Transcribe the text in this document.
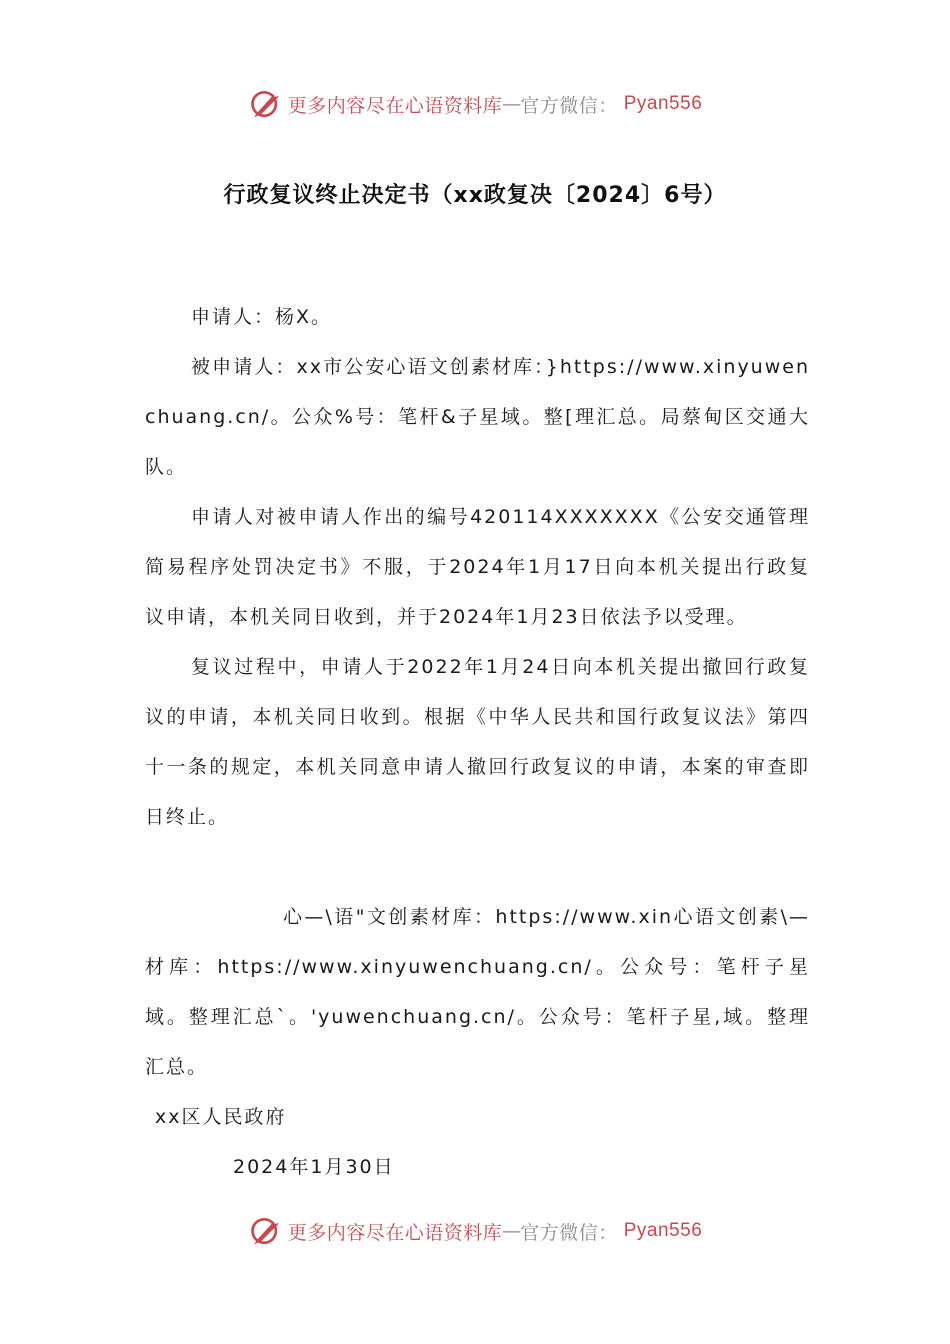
更多内容尽在心语资料库 — 官方微信： Pyan556
行政复议终止决定书（xx政复决〔2024〕6号）

申请人：杨X。

被申请人：xx市公安心语文创素材库：}https://www.xinyuwenchuang.cn/。公众%号：笔杆&子星域。整[理汇总。局蔡甸区交通大队。

申请人对被申请人作出的编号420114XXXXXXX《公安交通管理简易程序处罚决定书》不服，于2024年1月17日向本机关提出行政复议申请，本机关同日收到，并于2024年1月23日依法予以受理。

复议过程中，申请人于2022年1月24日向本机关提出撤回行政复议的申请，本机关同日收到。根据《中华人民共和国行政复议法》第四十一条的规定，本机关同意申请人撤回行政复议的申请，本案的审查即日终止。

心—\语"文创素材库：https://www.xin心语文创素\—材库：https://www.xinyuwenchuang.cn/。公众号：笔杆子星域。整理汇总`。'yuwenchuang.cn/。公众号：笔杆子星,域。整理汇总。

xx区人民政府

2024年1月30日

更多内容尽在心语资料库 — 官方微信： Pyan556
